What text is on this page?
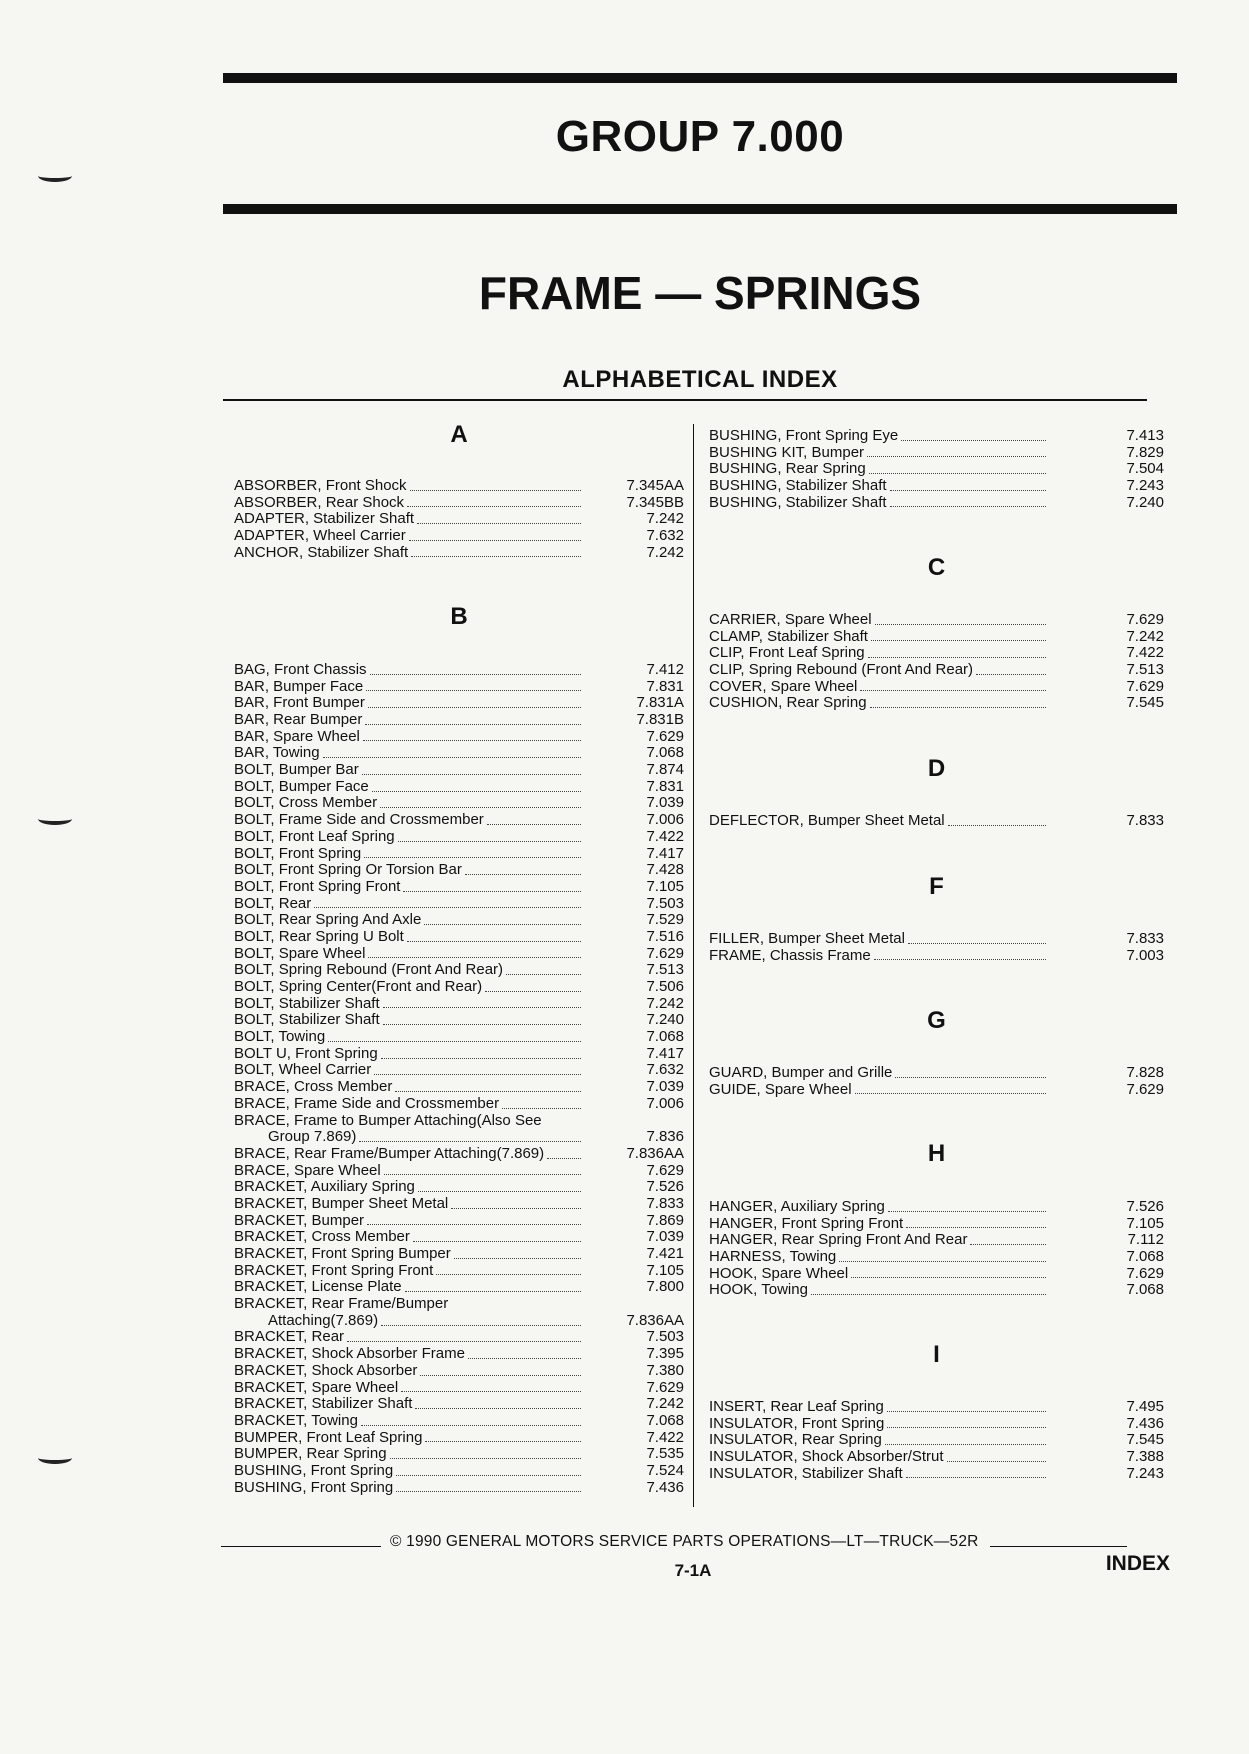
GROUP 7.000
FRAME — SPRINGS
ALPHABETICAL INDEX
A
ABSORBER, Front Shock	7.345AA
ABSORBER, Rear Shock	7.345BB
ADAPTER, Stabilizer Shaft	7.242
ADAPTER, Wheel Carrier	7.632
ANCHOR, Stabilizer Shaft	7.242
B
BAG, Front Chassis	7.412
BAR, Bumper Face	7.831
BAR, Front Bumper	7.831A
BAR, Rear Bumper	7.831B
BAR, Spare Wheel	7.629
BAR, Towing	7.068
BOLT, Bumper Bar	7.874
BOLT, Bumper Face	7.831
BOLT, Cross Member	7.039
BOLT, Frame Side and Crossmember	7.006
BOLT, Front Leaf Spring	7.422
BOLT, Front Spring	7.417
BOLT, Front Spring Or Torsion Bar	7.428
BOLT, Front Spring Front	7.105
BOLT, Rear	7.503
BOLT, Rear Spring And Axle	7.529
BOLT, Rear Spring U Bolt	7.516
BOLT, Spare Wheel	7.629
BOLT, Spring Rebound (Front And Rear)	7.513
BOLT, Spring Center(Front and Rear)	7.506
BOLT, Stabilizer Shaft	7.242
BOLT, Stabilizer Shaft	7.240
BOLT, Towing	7.068
BOLT U, Front Spring	7.417
BOLT, Wheel Carrier	7.632
BRACE, Cross Member	7.039
BRACE, Frame Side and Crossmember	7.006
BRACE, Frame to Bumper Attaching(Also See
Group 7.869)	7.836
BRACE, Rear Frame/Bumper Attaching(7.869)	7.836AA
BRACE, Spare Wheel	7.629
BRACKET, Auxiliary Spring	7.526
BRACKET, Bumper Sheet Metal	7.833
BRACKET, Bumper	7.869
BRACKET, Cross Member	7.039
BRACKET, Front Spring Bumper	7.421
BRACKET, Front Spring Front	7.105
BRACKET, License Plate	7.800
BRACKET, Rear Frame/Bumper
Attaching(7.869)	7.836AA
BRACKET, Rear	7.503
BRACKET, Shock Absorber Frame	7.395
BRACKET, Shock Absorber	7.380
BRACKET, Spare Wheel	7.629
BRACKET, Stabilizer Shaft	7.242
BRACKET, Towing	7.068
BUMPER, Front Leaf Spring	7.422
BUMPER, Rear Spring	7.535
BUSHING, Front Spring	7.524
BUSHING, Front Spring	7.436
BUSHING, Front Spring Eye	7.413
BUSHING KIT, Bumper	7.829
BUSHING, Rear Spring	7.504
BUSHING, Stabilizer Shaft	7.243
BUSHING, Stabilizer Shaft	7.240
C
CARRIER, Spare Wheel	7.629
CLAMP, Stabilizer Shaft	7.242
CLIP, Front Leaf Spring	7.422
CLIP, Spring Rebound (Front And Rear)	7.513
COVER, Spare Wheel	7.629
CUSHION, Rear Spring	7.545
D
DEFLECTOR, Bumper Sheet Metal	7.833
F
FILLER, Bumper Sheet Metal	7.833
FRAME, Chassis Frame	7.003
G
GUARD, Bumper and Grille	7.828
GUIDE, Spare Wheel	7.629
H
HANGER, Auxiliary Spring	7.526
HANGER, Front Spring Front	7.105
HANGER, Rear Spring Front And Rear	7.112
HARNESS, Towing	7.068
HOOK, Spare Wheel	7.629
HOOK, Towing	7.068
I
INSERT, Rear Leaf Spring	7.495
INSULATOR, Front Spring	7.436
INSULATOR, Rear Spring	7.545
INSULATOR, Shock Absorber/Strut	7.388
INSULATOR, Stabilizer Shaft	7.243
© 1990 GENERAL MOTORS SERVICE PARTS OPERATIONS—LT—TRUCK—52R
7-1A	INDEX
